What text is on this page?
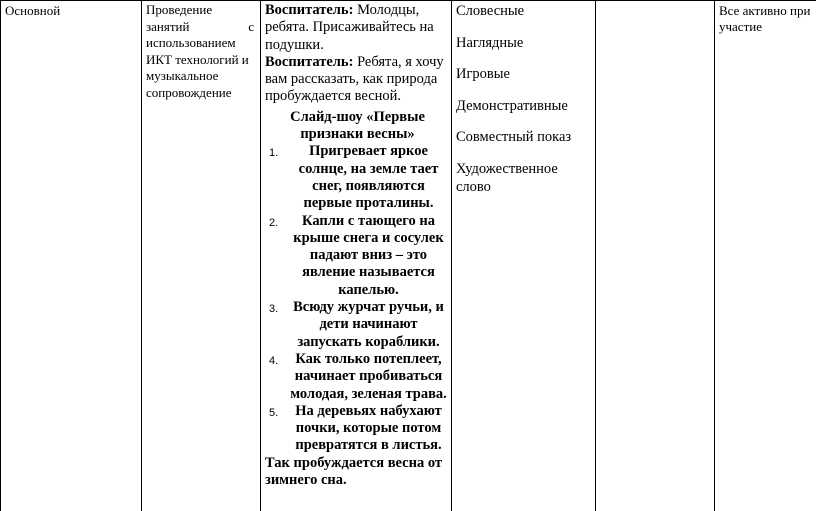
Основной	Проведение
занятий	с
использованием
ИКТ технологий и
музыкальное
сопровождение

Воспитатель: Молодцы, ребята. Присаживайтесь на подушки.

Воспитатель: Ребята, я хочу вам рассказать, как природа пробуждается весной.

Слайд-шоу «Первые признаки весны»

1. Пригревает яркое солнце, на земле тает снег, появляются первые проталины.
2. Капли с тающего на крыше снега и сосулек падают вниз – это явление называется капелью.
3. Всюду журчат ручьи, и дети начинают запускать кораблики.
4. Как только потеплеет, начинает пробиваться молодая, зеленая трава.
5. На деревьях набухают почки, которые потом превратятся в листья.

Так пробуждается весна от зимнего сна.

Словесные
Наглядные
Игровые
Демонстративные
Совместный показ
Художественное слово
Все активно при
участие
